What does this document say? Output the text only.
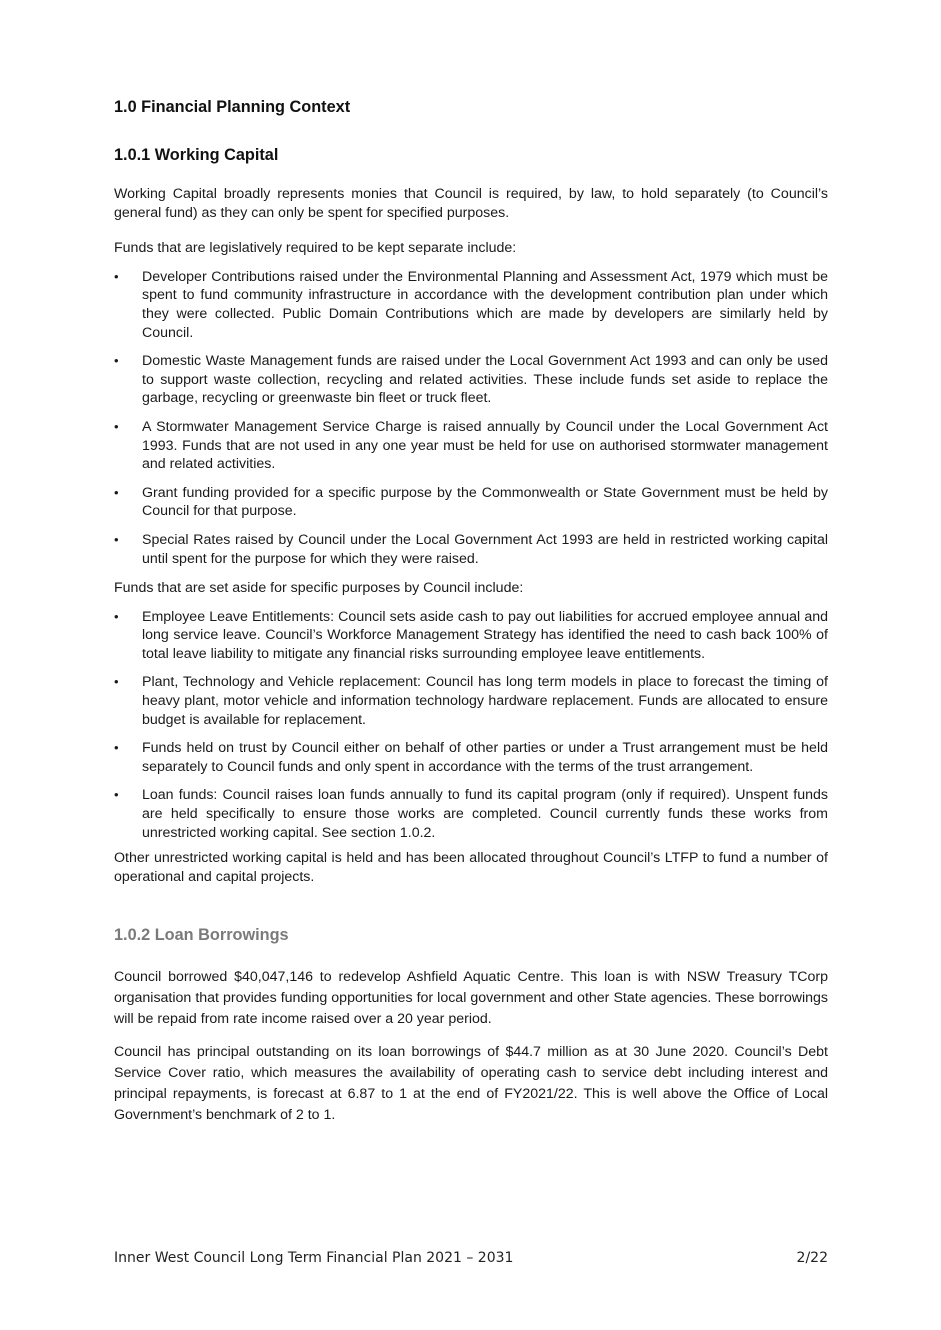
1.0 Financial Planning Context
1.0.1 Working Capital

Working Capital broadly represents monies that Council is required, by law, to hold separately (to Council’s general fund) as they can only be spent for specified purposes.

Funds that are legislatively required to be kept separate include:

•	Developer Contributions raised under the Environmental Planning and Assessment Act, 1979 which must be spent to fund community infrastructure in accordance with the development contribution plan under which they were collected. Public Domain Contributions which are made by developers are similarly held by Council.
•	Domestic Waste Management funds are raised under the Local Government Act 1993 and can only be used to support waste collection, recycling and related activities. These include funds set aside to replace the garbage, recycling or greenwaste bin fleet or truck fleet.
•	A Stormwater Management Service Charge is raised annually by Council under the Local Government Act 1993. Funds that are not used in any one year must be held for use on authorised stormwater management and related activities.
•	Grant funding provided for a specific purpose by the Commonwealth or State Government must be held by Council for that purpose.
•	Special Rates raised by Council under the Local Government Act 1993 are held in restricted working capital until spent for the purpose for which they were raised.

Funds that are set aside for specific purposes by Council include:

•	Employee Leave Entitlements: Council sets aside cash to pay out liabilities for accrued employee annual and long service leave. Council’s Workforce Management Strategy has identified the need to cash back 100% of total leave liability to mitigate any financial risks surrounding employee leave entitlements.
•	Plant, Technology and Vehicle replacement: Council has long term models in place to forecast the timing of heavy plant, motor vehicle and information technology hardware replacement. Funds are allocated to ensure budget is available for replacement.
•	Funds held on trust by Council either on behalf of other parties or under a Trust arrangement must be held separately to Council funds and only spent in accordance with the terms of the trust arrangement.
•	Loan funds: Council raises loan funds annually to fund its capital program (only if required). Unspent funds are held specifically to ensure those works are completed. Council currently funds these works from unrestricted working capital. See section 1.0.2.

Other unrestricted working capital is held and has been allocated throughout Council’s LTFP to fund a number of operational and capital projects.

1.0.2 Loan Borrowings

Council borrowed $40,047,146 to redevelop Ashfield Aquatic Centre. This loan is with NSW Treasury TCorp organisation that provides funding opportunities for local government and other State agencies. These borrowings will be repaid from rate income raised over a 20 year period.

Council has principal outstanding on its loan borrowings of $44.7 million as at 30 June 2020. Council’s Debt Service Cover ratio, which measures the availability of operating cash to service debt including interest and principal repayments, is forecast at 6.87 to 1 at the end of FY2021/22. This is well above the Office of Local Government’s benchmark of 2 to 1.

Inner West Council Long Term Financial Plan 2021 – 2031	2/22
